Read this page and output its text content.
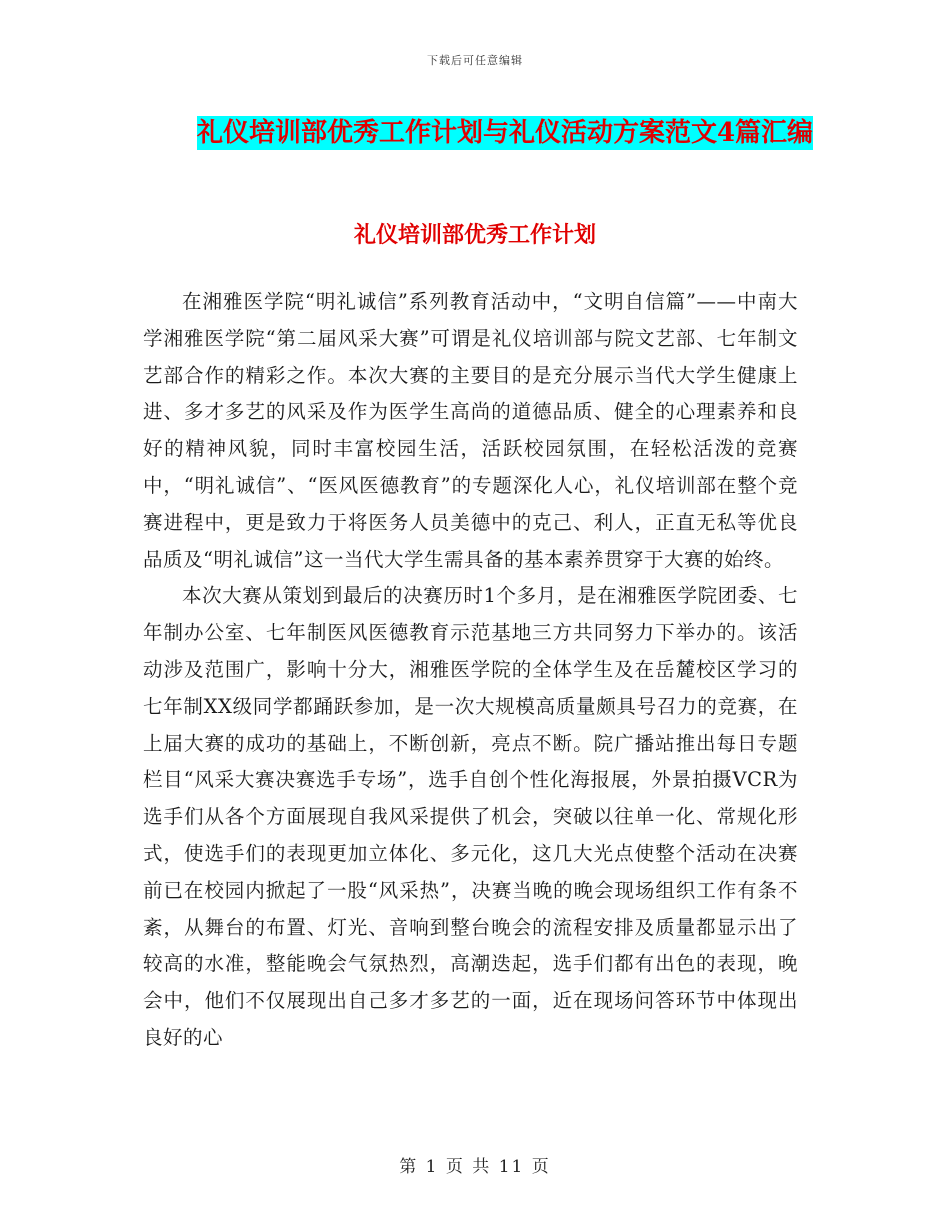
下载后可任意编辑
礼仪培训部优秀工作计划与礼仪活动方案范文4篇汇编
礼仪培训部优秀工作计划

在湘雅医学院“明礼诚信”系列教育活动中，“文明自信篇”——中南大学湘雅医学院“第二届风采大赛”可谓是礼仪培训部与院文艺部、七年制文艺部合作的精彩之作。本次大赛的主要目的是充分展示当代大学生健康上进、多才多艺的风采及作为医学生高尚的道德品质、健全的心理素养和良好的精神风貌，同时丰富校园生活，活跃校园氛围，在轻松活泼的竞赛中，“明礼诚信”、“医风医德教育”的专题深化人心，礼仪培训部在整个竞赛进程中，更是致力于将医务人员美德中的克己、利人，正直无私等优良品质及“明礼诚信”这一当代大学生需具备的基本素养贯穿于大赛的始终。

本次大赛从策划到最后的决赛历时1个多月，是在湘雅医学院团委、七年制办公室、七年制医风医德教育示范基地三方共同努力下举办的。该活动涉及范围广，影响十分大，湘雅医学院的全体学生及在岳麓校区学习的七年制XX级同学都踊跃参加，是一次大规模高质量颇具号召力的竞赛，在上届大赛的成功的基础上，不断创新，亮点不断。院广播站推出每日专题栏目“风采大赛决赛选手专场”，选手自创个性化海报展，外景拍摄VCR为选手们从各个方面展现自我风采提供了机会，突破以往单一化、常规化形式，使选手们的表现更加立体化、多元化，这几大光点使整个活动在决赛前已在校园内掀起了一股“风采热”，决赛当晚的晚会现场组织工作有条不紊，从舞台的布置、灯光、音响到整台晚会的流程安排及质量都显示出了较高的水准，整能晚会气氛热烈，高潮迭起，选手们都有出色的表现，晚会中，他们不仅展现出自己多才多艺的一面，近在现场问答环节中体现出良好的心

第 1 页 共 11 页
